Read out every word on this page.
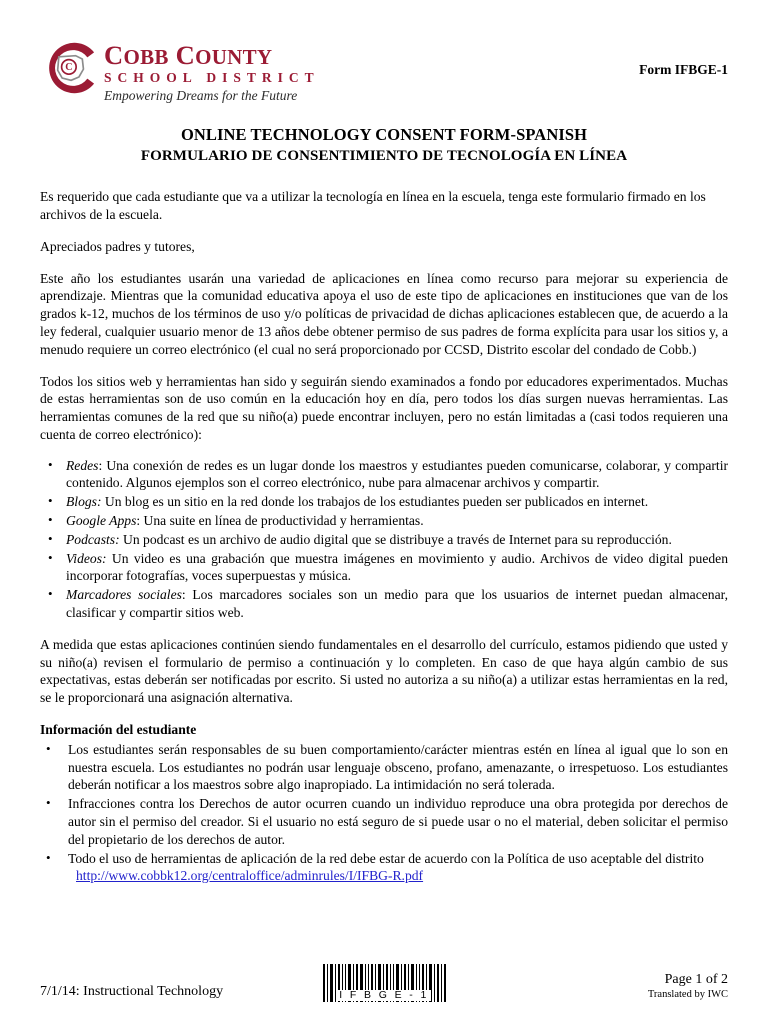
C COBB COUNTY
SCHOOL DISTRICT
Empowering Dreams for the Future
Form IFBGE-1
ONLINE TECHNOLOGY CONSENT FORM-SPANISH
FORMULARIO DE CONSENTIMIENTO DE TECNOLOGÍA EN LÍNEA

Es requerido que cada estudiante que va a utilizar la tecnología en línea en la escuela, tenga este formulario firmado en los archivos de la escuela.

Apreciados padres y tutores,

Este año los estudiantes usarán una variedad de aplicaciones en línea como recurso para mejorar su experiencia de aprendizaje. Mientras que la comunidad educativa apoya el uso de este tipo de aplicaciones en instituciones que van de los grados k-12, muchos de los términos de uso y/o políticas de privacidad de dichas aplicaciones establecen que, de acuerdo a la ley federal, cualquier usuario menor de 13 años debe obtener permiso de sus padres de forma explícita para usar los sitios y, a menudo requiere un correo electrónico (el cual no será proporcionado por CCSD, Distrito escolar del condado de Cobb.)

Todos los sitios web y herramientas han sido y seguirán siendo examinados a fondo por educadores experimentados. Muchas de estas herramientas son de uso común en la educación hoy en día, pero todos los días surgen nuevas herramientas. Las herramientas comunes de la red que su niño(a) puede encontrar incluyen, pero no están limitadas a (casi todos requieren una cuenta de correo electrónico):

• Redes: Una conexión de redes es un lugar donde los maestros y estudiantes pueden comunicarse, colaborar, y compartir contenido. Algunos ejemplos son el correo electrónico, nube para almacenar archivos y compartir.
• Blogs: Un blog es un sitio en la red donde los trabajos de los estudiantes pueden ser publicados en internet.
• Google Apps: Una suite en línea de productividad y herramientas.
• Podcasts: Un podcast es un archivo de audio digital que se distribuye a través de Internet para su reproducción.
• Videos: Un video es una grabación que muestra imágenes en movimiento y audio. Archivos de video digital pueden incorporar fotografías, voces superpuestas y música.
• Marcadores sociales: Los marcadores sociales son un medio para que los usuarios de internet puedan almacenar, clasificar y compartir sitios web.

A medida que estas aplicaciones continúen siendo fundamentales en el desarrollo del currículo, estamos pidiendo que usted y su niño(a) revisen el formulario de permiso a continuación y lo completen. En caso de que haya algún cambio de sus expectativas, estas deberán ser notificadas por escrito. Si usted no autoriza a su niño(a) a utilizar estas herramientas en la red, se le proporcionará una asignación alternativa.

Información del estudiante
• Los estudiantes serán responsables de su buen comportamiento/carácter mientras estén en línea al igual que lo son en nuestra escuela. Los estudiantes no podrán usar lenguaje obsceno, profano, amenazante, o irrespetuoso. Los estudiantes deberán notificar a los maestros sobre algo inapropiado. La intimidación no será tolerada.
• Infracciones contra los Derechos de autor ocurren cuando un individuo reproduce una obra protegida por derechos de autor sin el permiso del creador. Si el usuario no está seguro de si puede usar o no el material, deben solicitar el permiso del propietario de los derechos de autor.
• Todo el uso de herramientas de aplicación de la red debe estar de acuerdo con la Política de uso aceptable del distrito
http://www.cobbk12.org/centraloffice/adminrules/I/IFBG-R.pdf
7/1/14: Instructional Technology	I F B G E - 1
Page 1 of 2
Translated by IWC
